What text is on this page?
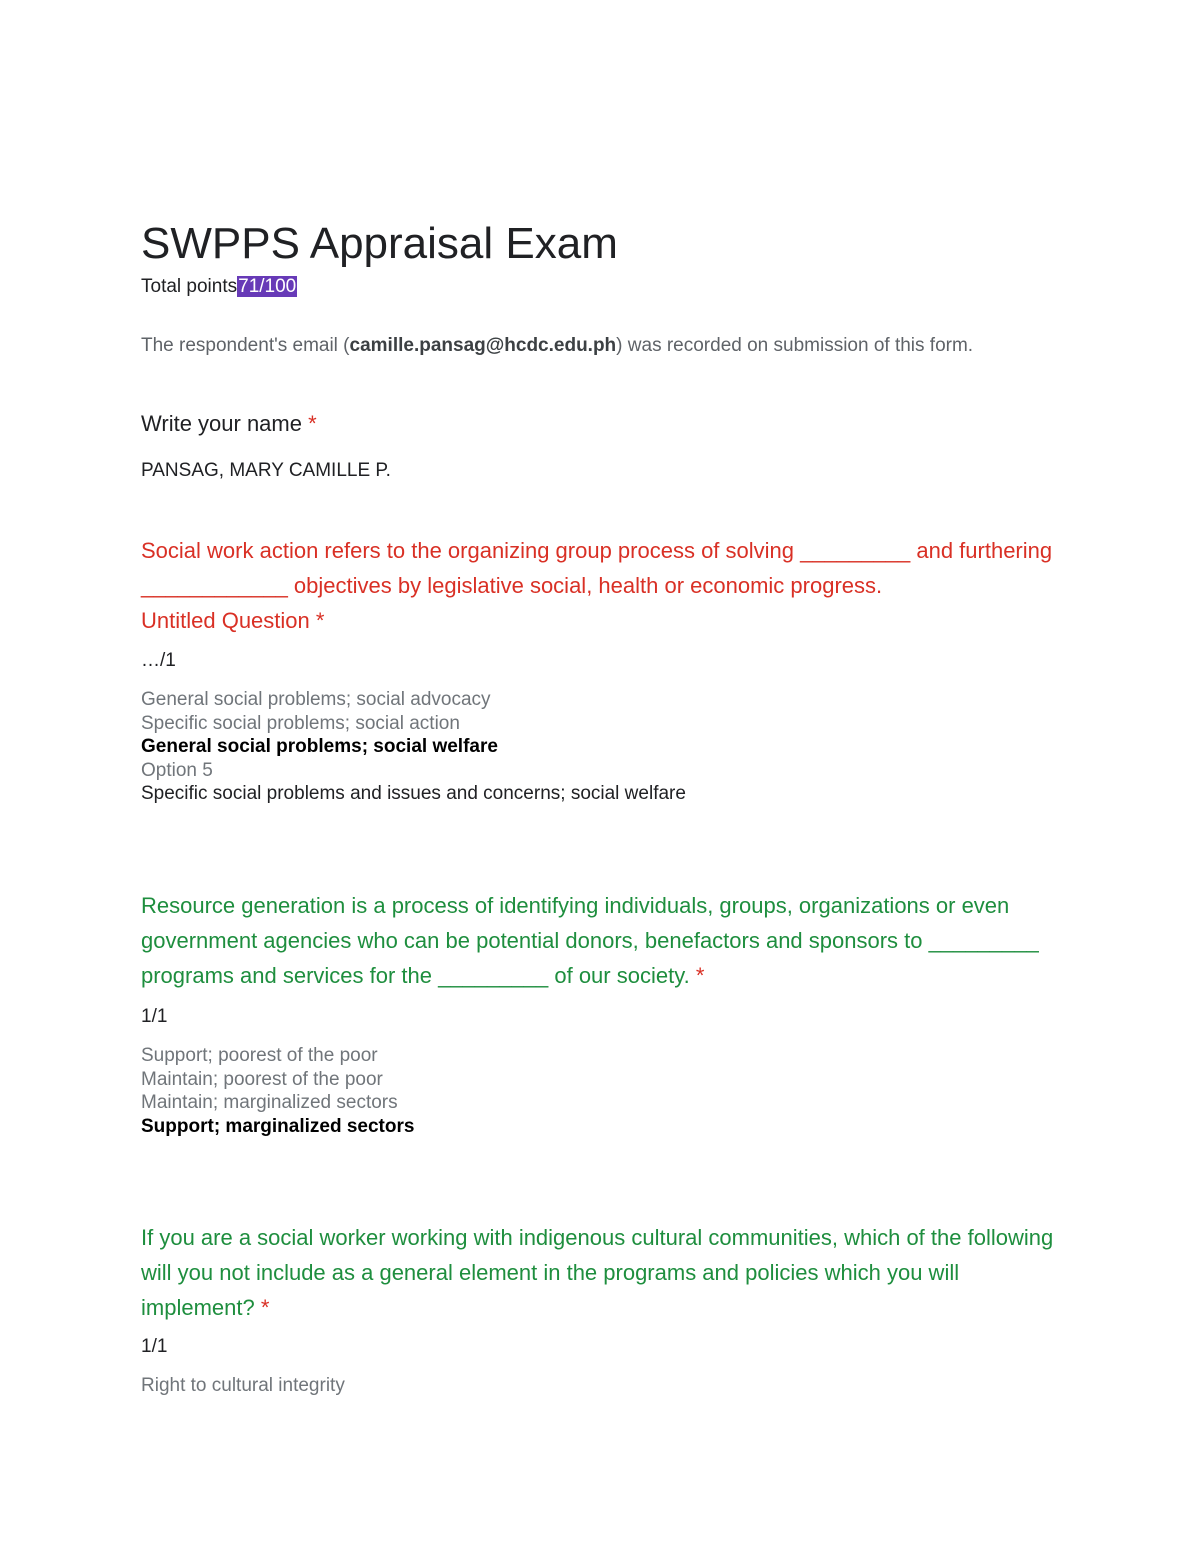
SWPPS Appraisal Exam
Total points71/100
The respondent's email (camille.pansag@hcdc.edu.ph) was recorded on submission of this form.
Write your name *
PANSAG, MARY CAMILLE P.
Social work action refers to the organizing group process of solving _________ and furthering ____________ objectives by legislative social, health or economic progress.
Untitled Question *
…/1
General social problems; social advocacy
Specific social problems; social action
General social problems; social welfare
Option 5
Specific social problems and issues and concerns; social welfare
Resource generation is a process of identifying individuals, groups, organizations or even government agencies who can be potential donors, benefactors and sponsors to _________ programs and services for the _________ of our society. *
1/1
Support; poorest of the poor
Maintain; poorest of the poor
Maintain; marginalized sectors
Support; marginalized sectors
If you are a social worker working with indigenous cultural communities, which of the following will you not include as a general element in the programs and policies which you will implement? *
1/1
Right to cultural integrity
